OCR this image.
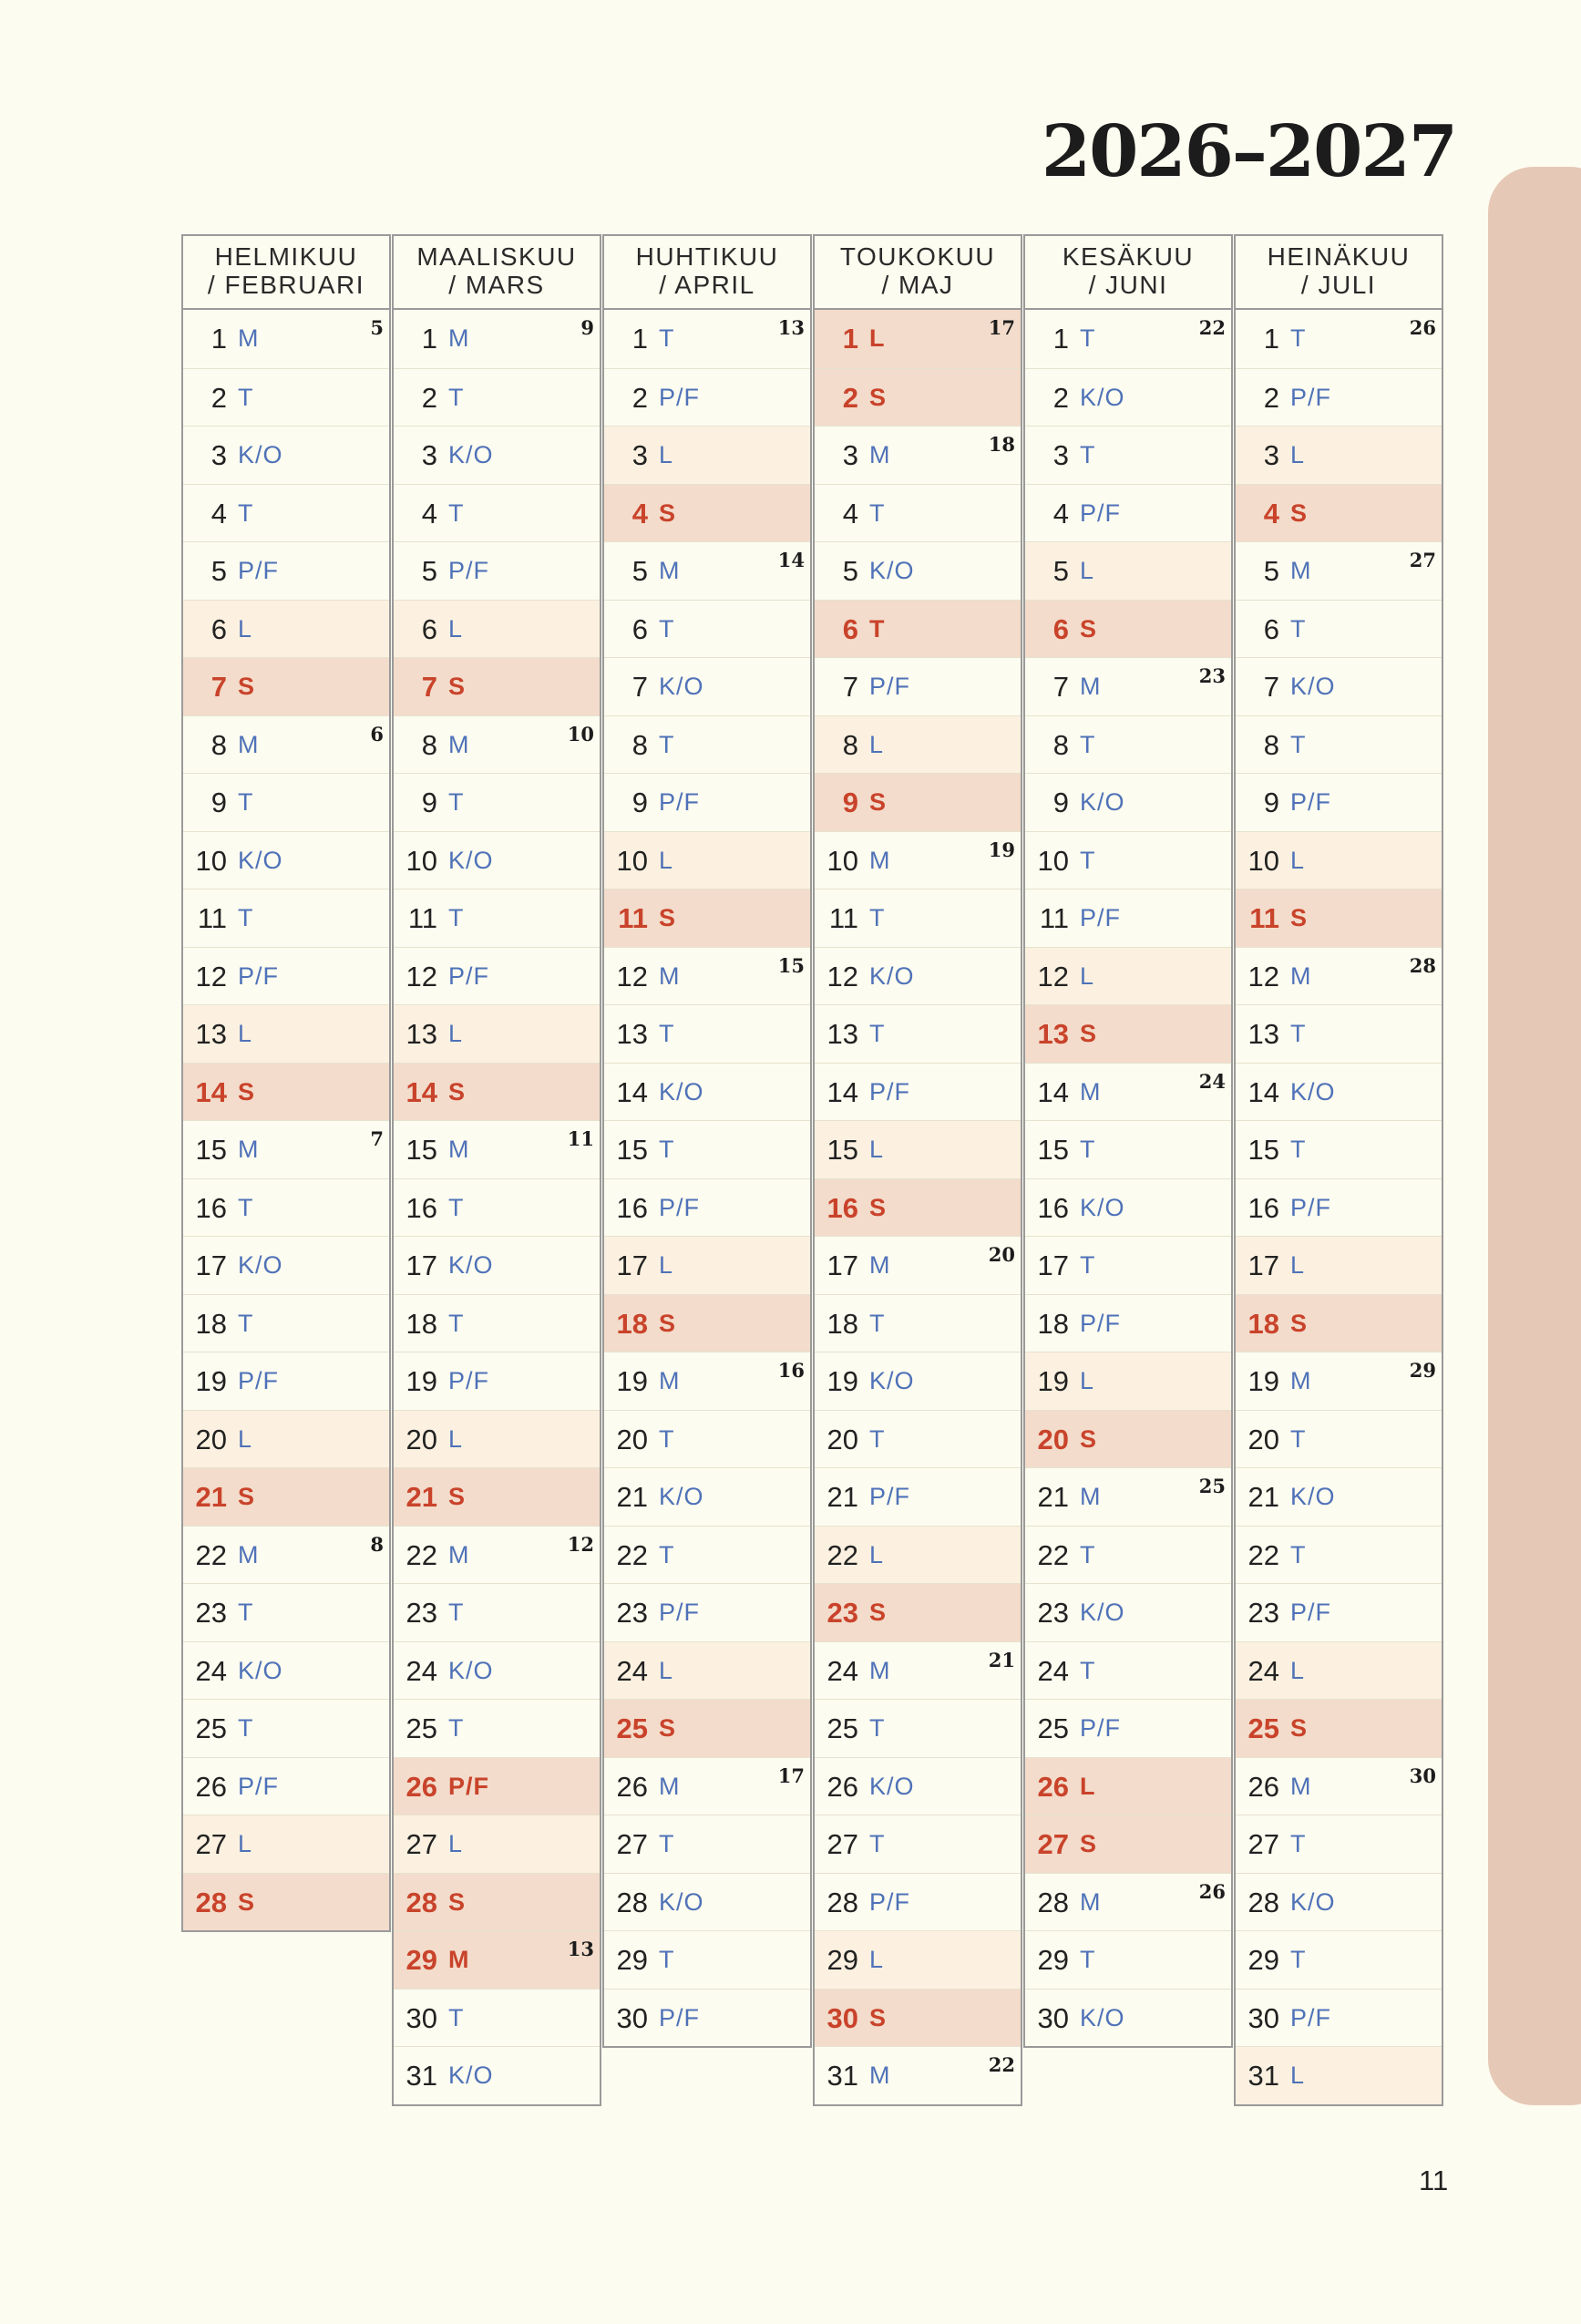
2026–2027
HELMIKUU
/ FEBRUARI
1 M	5
2 T
3 K/O
4 T
5 P/F
6 L
7 S
8 M	6
9 T
10 K/O
11 T
12 P/F
13 L
14 S
15 M	7
16 T
17 K/O
18 T
19 P/F
20 L
21 S
22 M	8
23 T
24 K/O
25 T
26 P/F
27 L
28 S
MAALISKUU
/ MARS
1 M	9
2 T
3 K/O
4 T
5 P/F
6 L
7 S
8 M	10
9 T
10 K/O
11 T
12 P/F
13 L
14 S
15 M	11
16 T
17 K/O
18 T
19 P/F
20 L
21 S
22 M	12
23 T
24 K/O
25 T
26 P/F
27 L
28 S
29 M	13
30 T
31 K/O
HUHTIKUU
/ APRIL
1 T	13
2 P/F
3 L
4 S
5 M	14
6 T
7 K/O
8 T
9 P/F
10 L
11 S
12 M	15
13 T
14 K/O
15 T
16 P/F
17 L
18 S
19 M	16
20 T
21 K/O
22 T
23 P/F
24 L
25 S
26 M	17
27 T
28 K/O
29 T
30 P/F
TOUKOKUU
/ MAJ
1 L	17
2 S
3 M	18
4 T
5 K/O
6 T
7 P/F
8 L
9 S
10 M	19
11 T
12 K/O
13 T
14 P/F
15 L
16 S
17 M	20
18 T
19 K/O
20 T
21 P/F
22 L
23 S
24 M	21
25 T
26 K/O
27 T
28 P/F
29 L
30 S
31 M	22
KESÄKUU
/ JUNI
1 T	22
2 K/O
3 T
4 P/F
5 L
6 S
7 M	23
8 T
9 K/O
10 T
11 P/F
12 L
13 S
14 M	24
15 T
16 K/O
17 T
18 P/F
19 L
20 S
21 M	25
22 T
23 K/O
24 T
25 P/F
26 L
27 S
28 M	26
29 T
30 K/O
HEINÄKUU
/ JULI
1 T	26
2 P/F
3 L
4 S
5 M	27
6 T
7 K/O
8 T
9 P/F
10 L
11 S
12 M	28
13 T
14 K/O
15 T
16 P/F
17 L
18 S
19 M	29
20 T
21 K/O
22 T
23 P/F
24 L
25 S
26 M	30
27 T
28 K/O
29 T
30 P/F
31 L
11
